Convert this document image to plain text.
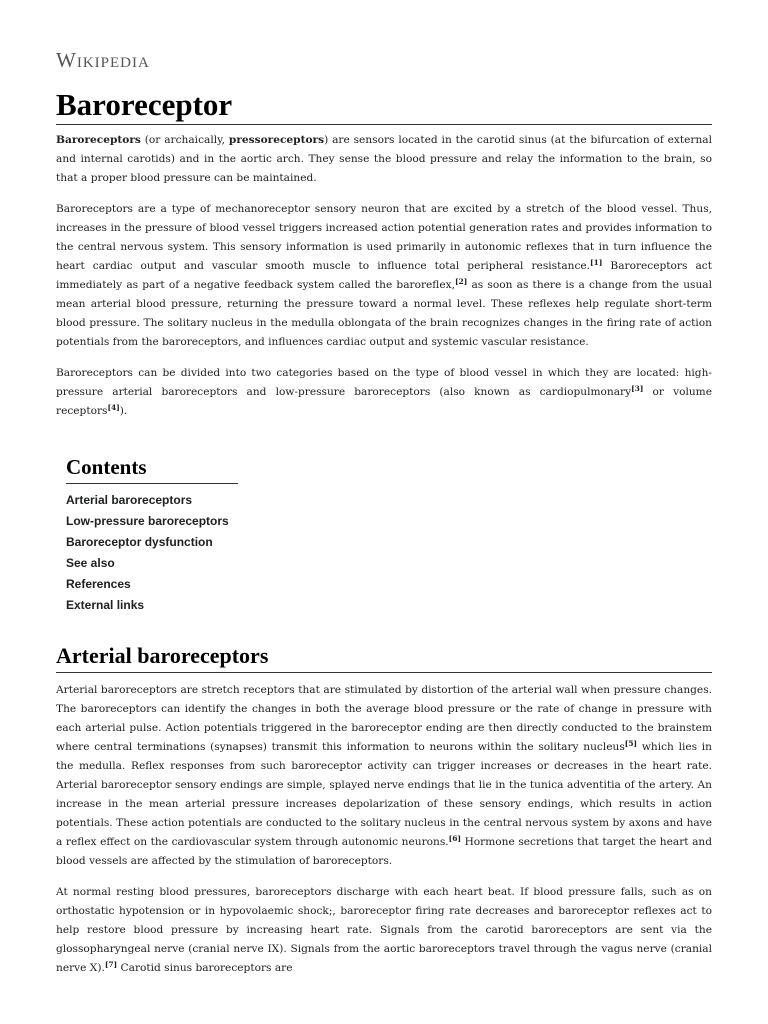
Wikipedia
Baroreceptor

Baroreceptors (or archaically, pressoreceptors) are sensors located in the carotid sinus (at the bifurcation of external and internal carotids) and in the aortic arch. They sense the blood pressure and relay the information to the brain, so that a proper blood pressure can be maintained.

Baroreceptors are a type of mechanoreceptor sensory neuron that are excited by a stretch of the blood vessel. Thus, increases in the pressure of blood vessel triggers increased action potential generation rates and provides information to the central nervous system. This sensory information is used primarily in autonomic reflexes that in turn influence the heart cardiac output and vascular smooth muscle to influence total peripheral resistance.[1] Baroreceptors act immediately as part of a negative feedback system called the baroreflex,[2] as soon as there is a change from the usual mean arterial blood pressure, returning the pressure toward a normal level. These reflexes help regulate short-term blood pressure. The solitary nucleus in the medulla oblongata of the brain recognizes changes in the firing rate of action potentials from the baroreceptors, and influences cardiac output and systemic vascular resistance.

Baroreceptors can be divided into two categories based on the type of blood vessel in which they are located: high-pressure arterial baroreceptors and low-pressure baroreceptors (also known as cardiopulmonary[3] or volume receptors[4]).

Contents
Arterial baroreceptors
Low-pressure baroreceptors
Baroreceptor dysfunction
See also
References
External links
Arterial baroreceptors

Arterial baroreceptors are stretch receptors that are stimulated by distortion of the arterial wall when pressure changes. The baroreceptors can identify the changes in both the average blood pressure or the rate of change in pressure with each arterial pulse. Action potentials triggered in the baroreceptor ending are then directly conducted to the brainstem where central terminations (synapses) transmit this information to neurons within the solitary nucleus[5] which lies in the medulla. Reflex responses from such baroreceptor activity can trigger increases or decreases in the heart rate. Arterial baroreceptor sensory endings are simple, splayed nerve endings that lie in the tunica adventitia of the artery. An increase in the mean arterial pressure increases depolarization of these sensory endings, which results in action potentials. These action potentials are conducted to the solitary nucleus in the central nervous system by axons and have a reflex effect on the cardiovascular system through autonomic neurons.[6] Hormone secretions that target the heart and blood vessels are affected by the stimulation of baroreceptors.

At normal resting blood pressures, baroreceptors discharge with each heart beat. If blood pressure falls, such as on orthostatic hypotension or in hypovolaemic shock;, baroreceptor firing rate decreases and baroreceptor reflexes act to help restore blood pressure by increasing heart rate. Signals from the carotid baroreceptors are sent via the glossopharyngeal nerve (cranial nerve IX). Signals from the aortic baroreceptors travel through the vagus nerve (cranial nerve X).[7] Carotid sinus baroreceptors are
